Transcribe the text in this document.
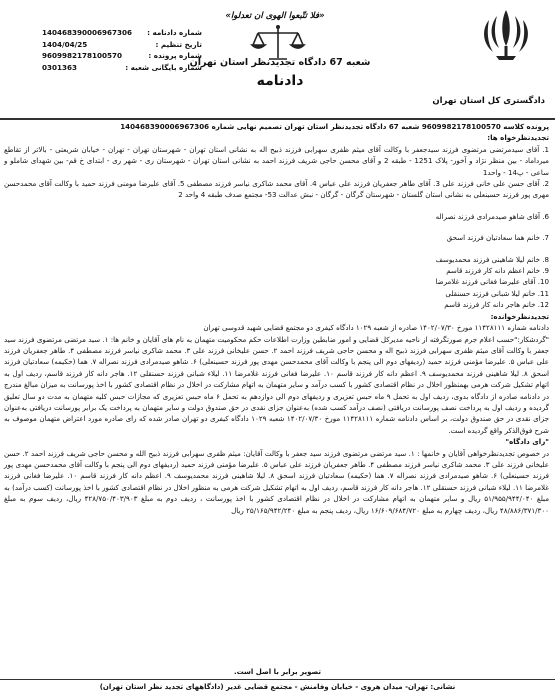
دادگستری کل استان تهران
«فلا تتّبعوا الهوی ان تعدلوا»
شعبه 67 دادگاه تجدیدنظر استان تهران
دادنامه
شماره دادنامه :
140468390006967306
تاریخ تنظیم :
1404/04/25
شماره پرونده :
9609982178100570
شماره بایگانی شعبه :
0301363

پرونده کلاسه 9609982178100570 شعبه 67 دادگاه تجدیدنظر استان تهران تصمیم نهایی شماره 140468390006967306

تجدیدنظرخواه ها:

1. آقای سیدمرتضی مرتضوی فرزند سیدجعفر با وکالت آقای میثم ظفری سهرابی فرزند ذبیح اله به نشانی استان تهران - شهرستان تهران - تهران - خیابان شریعتی - بالاتر از تقاطع میرداماد - بین منظر نژاد و آخور- پلاک 1251 - طبقه 2 و آقای محسن حاجی شریف فرزند احمد به نشانی استان تهران - شهرستان ری - شهر ری - ابتدای خ قم- بین شهدای شاملو و ساعی - پ14 - واحد1

2. آقای حسن علی خانی فرزند علی 3. آقای طاهر جعفریان فرزند علی عباس 4. آقای محمد شاکری نیاسر فرزند مصطفی 5. آقای علیرضا مومنی فرزند حمید با وکالت آقای محمدحسن مهری پور فرزند حسینعلی به نشانی استان گلستان - شهرستان گرگان - گرگان - نبش عدالت 53- مجتمع صدف طبقه 4 واحد 2

6. آقای شاهو صیدمرادی فرزند نصراله

7. خانم هما سعادتیان فرزند اسحق

8. خانم لیلا شاهینی فرزند محمدیوسف

9. خانم اعظم دانه کار فرزند قاسم

10. آقای علیرضا فغانی فرزند غلامرضا

11. خانم لیلا شبانی فرزند حسنقلی

12. خانم هاجر دانه کار فرزند قاسم

تجدیدنظرخوانده:

دادنامه شماره ۱۱۴۲۸۱۱۱ مورخ ۱۴۰۲/۰۷/۳۰ صادره از شعبه ۱۰۲۹ دادگاه کیفری دو مجتمع قضایی شهید قدوسی تهران

"گردشکار:"حسب اعلام جرم صورتگرفته از ناحیه مدیرکل قضایی و امور ضابطین وزارت اطلاعات حکم محکومیت متهمان به نام های آقایان و خانم ها: ۱. سید مرتضی مرتضوی فرزند سید جعفر با وکالت آقای میثم ظفری سهرابی فرزند ذبیح اله و محسن حاجی شریف فرزند احمد ۲. حسن علیخانی فرزند علی ۳. محمد شاکری نیاسر فرزند مصطفی ۴. طاهر جعفریان فرزند علی عباس ۵. علیرضا مؤمنی فرزند حمید (ردیفهای دوم الی پنجم با وکالت آقای محمدحسن مهدی پور فرزند حسینعلی) ۶. شاهو صیدمرادی فرزند نصراله ۷. هما (حکیمه) سعادتیان فرزند اسحق ۸. لیلا شاهینی فرزند محمدیوسف ۹. اعظم دانه کار فرزند قاسم ۱۰. علیرضا فغانی فرزند غلامرضا ۱۱. لیلاء شبانی فرزند حسنقلی ۱۲. هاجر دانه کار فرزند قاسم، ردیف اول به اتهام تشکیل شرکت هرمی بهمنظور اخلال در نظام اقتصادی کشور با کسب درآمد و سایر متهمان به اتهام مشارکت در اخلال در نظام اقتصادی کشور با اخذ پورسانت به میزان مبالغ مندرج در دادنامه صادره از دادگاه بدوی، ردیف اول به تحمل ۹ ماه حبس تعزیری و ردیفهای دوم الی دوازدهم به تحمل ۶ ماه حبس تعزیری که مجازات حبس کلیه متهمان به مدت دو سال تعلیق گردیده و ردیف اول به پرداخت نصف پورسانت دریافتی (نصف درآمد کسب شده) به‌عنوان جزای نقدی در حق صندوق دولت و سایر متهمان به پرداخت یک برابر پورسانت دریافتی به‌عنوان جزای نقدی در حق صندوق دولت، بر اساس دادنامه شماره ۱۱۴۲۸۱۱۱ مورخ ۱۴۰۲/۰۷/۳۰ شعبه ۱۰۲۹ دادگاه کیفری دو تهران صادر شده که رای صادره مورد اعتراض متهمان موصوف به شرح فوق‌الذکر واقع گردیده است.

"رای دادگاه"

در خصوص تجدیدنظرخواهی آقایان و خانمها : ۱. سید مرتضی مرتضوی فرزند سید جعفر با وکالت آقایان: میثم ظفری سهرابی فرزند ذبیح الله و محسن حاجی شریف فرزند احمد ۲. حسن علیخانی فرزند علی ۳. محمد شاکری نیاسر فرزند مصطفی ۴. طاهر جعفریان فرزند علی عباس ۵. علیرضا مؤمنی فرزند حمید (ردیفهای دوم الی پنجم با وکالت آقای محمدحسن مهدی پور فرزند حسینعلی) ۶. شاهو صیدمرادی فرزند نصراله ۷. هما (حکیمه) سعادتیان فرزند اسحق ۸. لیلا شاهینی فرزند محمدیوسف ۹. اعظم دانه کار فرزند قاسم ۱۰. علیرضا فغانی فرزند غلامرضا ۱۱. لیلاء شبانی فرزند حسنقلی ۱۲. هاجر دانه کار فرزند قاسم، ردیف اول به اتهام تشکیل شرکت هرمی به منظور اخلال در نظام اقتصادی کشور با اخذ پورسانت (کسب درآمد) به مبلغ ۵۱/۹۵۵/۹۴۴/۰۴۰ ریال و سایر متهمان به اتهام مشارکت در اخلال در نظام اقتصادی کشور با اخذ پورسانت ، ردیف دوم به مبلغ ۴۲۸/۷۵۰/۴۰۳/۹۰۳ ریال، ردیف سوم به مبلغ ۴۸/۸۸۶/۳۷۱/۳۰۰ ریال، ردیف چهارم به مبلغ ۱۶/۶۰۹/۶۸۴/۷۲۰ ریال، ردیف پنجم به مبلغ ۲۵/۱۶۵/۹۴۲/۲۴۰ ریال

تصویر برابر با اصل است.
نشانی: تهران- میدان هروی - خیابان وفامنش - مجتمع قضایی غدیر (دادگاههای تجدید نظر استان تهران)
